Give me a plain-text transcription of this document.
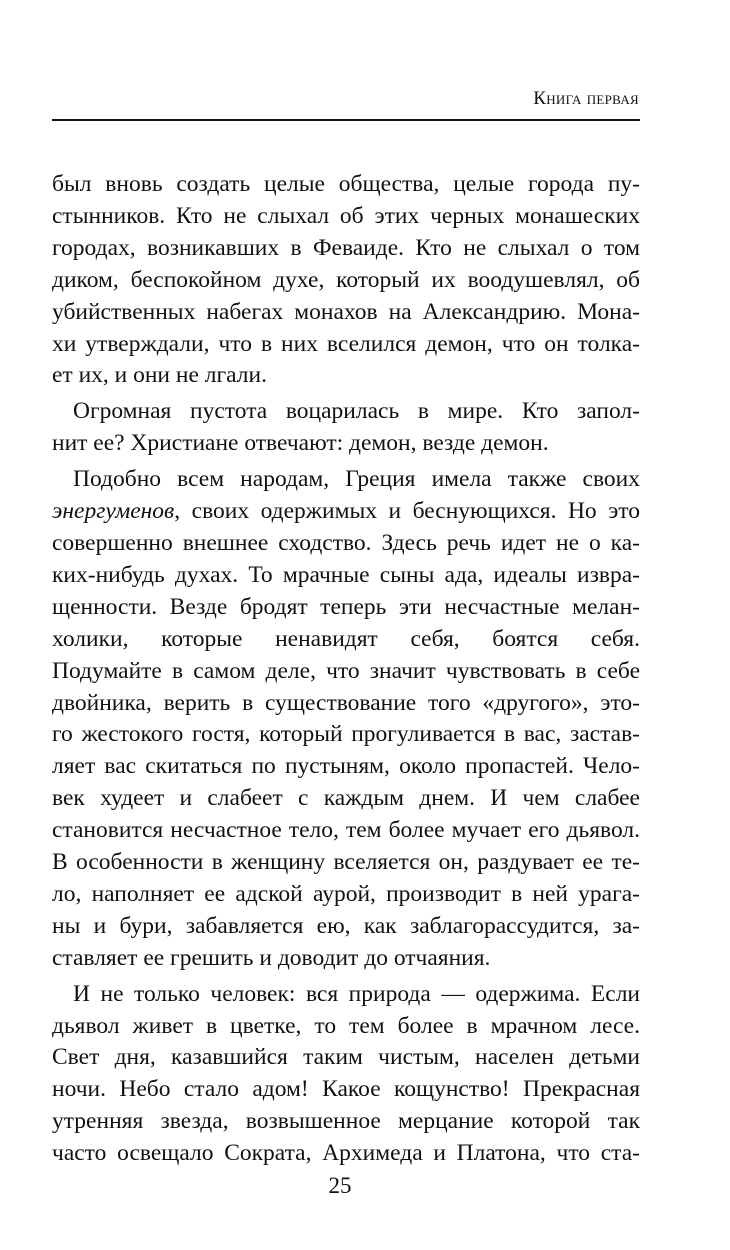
Книга первая
был вновь создать целые общества, целые города пу-
стынников. Кто не слыхал об этих черных монашеских
городах, возникавших в Феваиде. Кто не слыхал о том
диком, беспокойном духе, который их воодушевлял, об
убийственных набегах монахов на Александрию. Мона-
хи утверждали, что в них вселился демон, что он толка-
ет их, и они не лгали.
Огромная пустота воцарилась в мире. Кто запол-
нит ее? Христиане отвечают: демон, везде демон.
Подобно всем народам, Греция имела также своих
энергуменов, своих одержимых и беснующихся. Но это
совершенно внешнее сходство. Здесь речь идет не о ка-
ких-нибудь духах. То мрачные сыны ада, идеалы извра-
щенности. Везде бродят теперь эти несчастные мелан-
холики, которые ненавидят себя, боятся себя.
Подумайте в самом деле, что значит чувствовать в себе
двойника, верить в существование того «другого», это-
го жестокого гостя, который прогуливается в вас, застав-
ляет вас скитаться по пустыням, около пропастей. Чело-
век худеет и слабеет с каждым днем. И чем слабее
становится несчастное тело, тем более мучает его дьявол.
В особенности в женщину вселяется он, раздувает ее те-
ло, наполняет ее адской аурой, производит в ней урага-
ны и бури, забавляется ею, как заблагорассудится, за-
ставляет ее грешить и доводит до отчаяния.
И не только человек: вся природа — одержима. Если
дьявол живет в цветке, то тем более в мрачном лесе.
Свет дня, казавшийся таким чистым, населен детьми
ночи. Небо стало адом! Какое кощунство! Прекрасная
утренняя звезда, возвышенное мерцание которой так
часто освещало Сократа, Архимеда и Платона, что ста-
25
